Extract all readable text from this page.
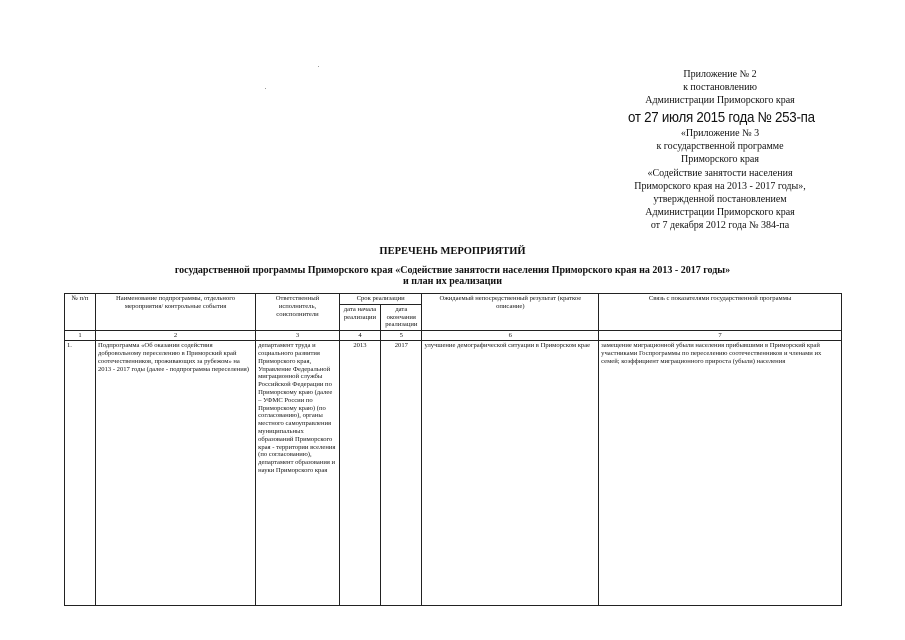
Приложение № 2
к постановлению
Администрации Приморского края
от 27 июля 2015 года № 253-па
«Приложение № 3
к государственной программе
Приморского края
«Содействие занятости населения
Приморского края на 2013 - 2017 годы»,
утвержденной постановлением
Администрации Приморского края
от 7 декабря 2012 года № 384-па
ПЕРЕЧЕНЬ МЕРОПРИЯТИЙ
государственной программы Приморского края «Содействие занятости населения Приморского края на 2013 - 2017 годы»
и план их реализации
№ п/п	Наименование подпрограммы, отдельного мероприятия/ контрольные события	Ответственный исполнитель, соисполнители	Срок реализации		Ожидаемый непосредственный результат (краткое описание)	Связь с показателями государственной программы
			дата начала реализации	дата окончания реализации		
1	2	3	4	5	6	7
1.	Подпрограмма «Об оказании содействия добровольному переселению в Приморский край соотечественников, проживающих за рубежом» на 2013 - 2017 годы (далее - подпрограмма переселения)	департамент труда и социального развития Приморского края, Управление Федеральной миграционной службы Российской Федерации по Приморскому краю (далее – УФМС России по Приморскому краю) (по согласованию), органы местного самоуправления муниципальных образований Приморского края - территории вселения (по согласованию), департамент образования и науки Приморского края	2013	2017	улучшение демографической ситуации в Приморском крае	замещение миграционной убыли населения прибывшими в Приморский край участниками Госпрограммы по переселению соотечественников и членами их семей; коэффициент миграционного прироста (убыли) населения
